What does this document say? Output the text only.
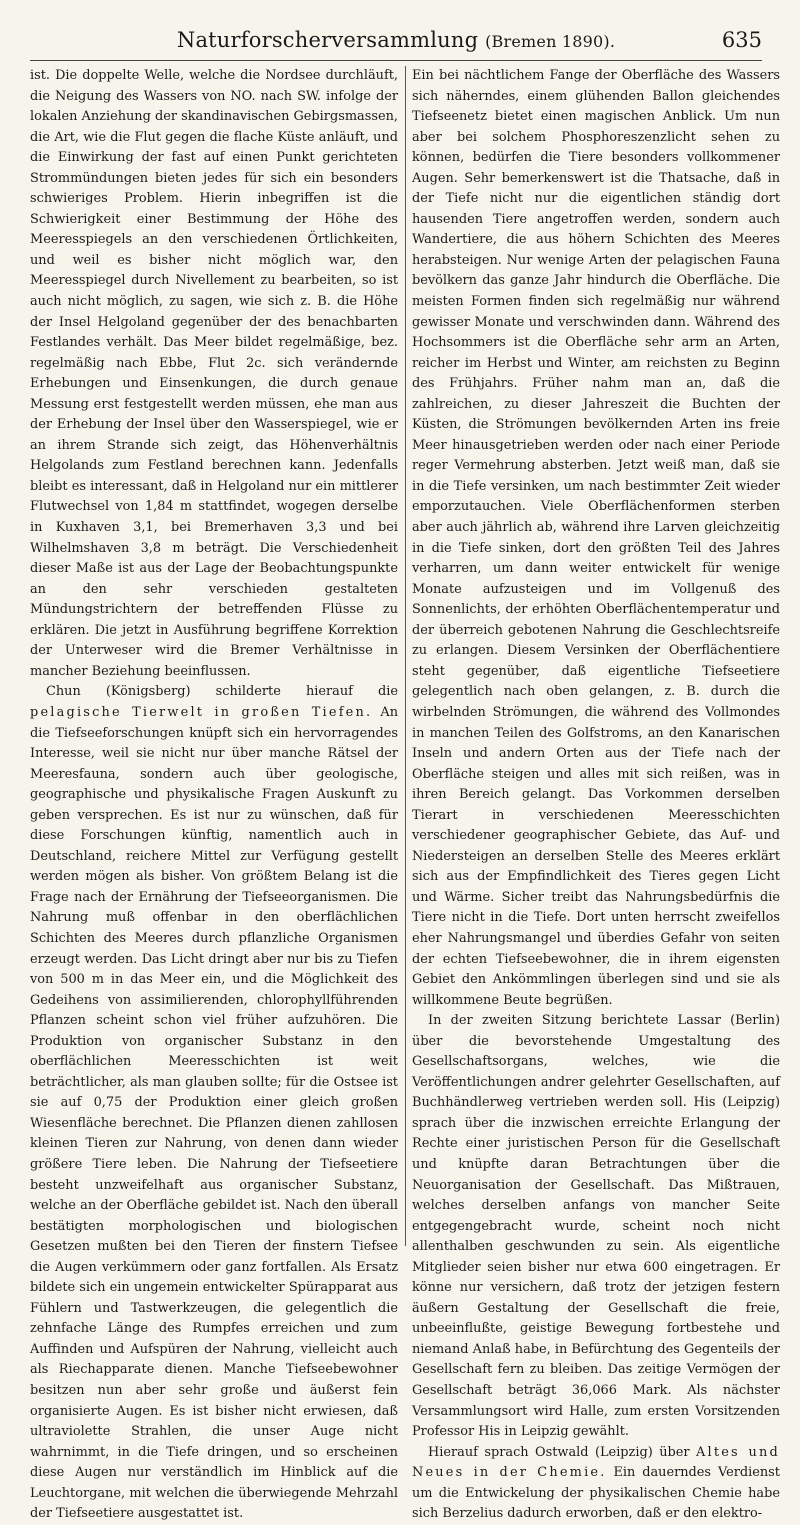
Naturforscherversammlung (Bremen 1890).	635

ist. Die doppelte Welle, welche die Nordsee durchläuft, die Neigung des Wassers von NO. nach SW. infolge der lokalen Anziehung der skandinavischen Gebirgsmassen, die Art, wie die Flut gegen die flache Küste anläuft, und die Einwirkung der fast auf einen Punkt gerichteten Strommündungen bieten jedes für sich ein besonders schwieriges Problem. Hierin inbegriffen ist die Schwierigkeit einer Bestimmung der Höhe des Meeresspiegels an den verschiedenen Örtlichkeiten, und weil es bisher nicht möglich war, den Meeresspiegel durch Nivellement zu bearbeiten, so ist auch nicht möglich, zu sagen, wie sich z. B. die Höhe der Insel Helgoland gegenüber der des benachbarten Festlandes verhält. Das Meer bildet regelmäßige, bez. regelmäßig nach Ebbe, Flut 2c. sich verändernde Erhebungen und Einsenkungen, die durch genaue Messung erst festgestellt werden müssen, ehe man aus der Erhebung der Insel über den Wasserspiegel, wie er an ihrem Strande sich zeigt, das Höhenverhältnis Helgolands zum Festland berechnen kann. Jedenfalls bleibt es interessant, daß in Helgoland nur ein mittlerer Flutwechsel von 1,84 m stattfindet, wogegen derselbe in Kuxhaven 3,1, bei Bremerhaven 3,3 und bei Wilhelmshaven 3,8 m beträgt. Die Verschiedenheit dieser Maße ist aus der Lage der Beobachtungspunkte an den sehr verschieden gestalteten Mündungstrichtern der betreffenden Flüsse zu erklären. Die jetzt in Ausführung begriffene Korrektion der Unterweser wird die Bremer Verhältnisse in mancher Beziehung beeinflussen.

Chun (Königsberg) schilderte hierauf die pelagische Tierwelt in großen Tiefen. An die Tiefseeforschungen knüpft sich ein hervorragendes Interesse, weil sie nicht nur über manche Rätsel der Meeresfauna, sondern auch über geologische, geographische und physikalische Fragen Auskunft zu geben versprechen. Es ist nur zu wünschen, daß für diese Forschungen künftig, namentlich auch in Deutschland, reichere Mittel zur Verfügung gestellt werden mögen als bisher. Von größtem Belang ist die Frage nach der Ernährung der Tiefseeorganismen. Die Nahrung muß offenbar in den oberflächlichen Schichten des Meeres durch pflanzliche Organismen erzeugt werden. Das Licht dringt aber nur bis zu Tiefen von 500 m in das Meer ein, und die Möglichkeit des Gedeihens von assimilierenden, chlorophyllführenden Pflanzen scheint schon viel früher aufzuhören. Die Produktion von organischer Substanz in den oberflächlichen Meeresschichten ist weit beträchtlicher, als man glauben sollte; für die Ostsee ist sie auf 0,75 der Produktion einer gleich großen Wiesenfläche berechnet. Die Pflanzen dienen zahllosen kleinen Tieren zur Nahrung, von denen dann wieder größere Tiere leben. Die Nahrung der Tiefseetiere besteht unzweifelhaft aus organischer Substanz, welche an der Oberfläche gebildet ist. Nach den überall bestätigten morphologischen und biologischen Gesetzen mußten bei den Tieren der finstern Tiefsee die Augen verkümmern oder ganz fortfallen. Als Ersatz bildete sich ein ungemein entwickelter Spürapparat aus Fühlern und Tastwerkzeugen, die gelegentlich die zehnfache Länge des Rumpfes erreichen und zum Auffinden und Aufspüren der Nahrung, vielleicht auch als Riechapparate dienen. Manche Tiefseebewohner besitzen nun aber sehr große und äußerst fein organisierte Augen. Es ist bisher nicht erwiesen, daß ultraviolette Strahlen, die unser Auge nicht wahrnimmt, in die Tiefe dringen, und so erscheinen diese Augen nur verständlich im Hinblick auf die Leuchtorgane, mit welchen die überwiegende Mehrzahl der Tiefseetiere ausgestattet ist.

Ein bei nächtlichem Fange der Oberfläche des Wassers sich näherndes, einem glühenden Ballon gleichendes Tiefseenetz bietet einen magischen Anblick. Um nun aber bei solchem Phosphoreszenzlicht sehen zu können, bedürfen die Tiere besonders vollkommener Augen. Sehr bemerkenswert ist die Thatsache, daß in der Tiefe nicht nur die eigentlichen ständig dort hausenden Tiere angetroffen werden, sondern auch Wandertiere, die aus höhern Schichten des Meeres herabsteigen. Nur wenige Arten der pelagischen Fauna bevölkern das ganze Jahr hindurch die Oberfläche. Die meisten Formen finden sich regelmäßig nur während gewisser Monate und verschwinden dann. Während des Hochsommers ist die Oberfläche sehr arm an Arten, reicher im Herbst und Winter, am reichsten zu Beginn des Frühjahrs. Früher nahm man an, daß die zahlreichen, zu dieser Jahreszeit die Buchten der Küsten, die Strömungen bevölkernden Arten ins freie Meer hinausgetrieben werden oder nach einer Periode reger Vermehrung absterben. Jetzt weiß man, daß sie in die Tiefe versinken, um nach bestimmter Zeit wieder emporzutauchen. Viele Oberflächenformen sterben aber auch jährlich ab, während ihre Larven gleichzeitig in die Tiefe sinken, dort den größten Teil des Jahres verharren, um dann weiter entwickelt für wenige Monate aufzusteigen und im Vollgenuß des Sonnenlichts, der erhöhten Oberflächentemperatur und der überreich gebotenen Nahrung die Geschlechtsreife zu erlangen. Diesem Versinken der Oberflächentiere steht gegenüber, daß eigentliche Tiefseetiere gelegentlich nach oben gelangen, z. B. durch die wirbelnden Strömungen, die während des Vollmondes in manchen Teilen des Golfstroms, an den Kanarischen Inseln und andern Orten aus der Tiefe nach der Oberfläche steigen und alles mit sich reißen, was in ihren Bereich gelangt. Das Vorkommen derselben Tierart in verschiedenen Meeresschichten verschiedener geographischer Gebiete, das Auf- und Niedersteigen an derselben Stelle des Meeres erklärt sich aus der Empfindlichkeit des Tieres gegen Licht und Wärme. Sicher treibt das Nahrungsbedürfnis die Tiere nicht in die Tiefe. Dort unten herrscht zweifellos eher Nahrungsmangel und überdies Gefahr von seiten der echten Tiefseebewohner, die in ihrem eigensten Gebiet den Ankömmlingen überlegen sind und sie als willkommene Beute begrüßen.

In der zweiten Sitzung berichtete Lassar (Berlin) über die bevorstehende Umgestaltung des Gesellschaftsorgans, welches, wie die Veröffentlichungen andrer gelehrter Gesellschaften, auf Buchhändlerweg vertrieben werden soll. His (Leipzig) sprach über die inzwischen erreichte Erlangung der Rechte einer juristischen Person für die Gesellschaft und knüpfte daran Betrachtungen über die Neuorganisation der Gesellschaft. Das Mißtrauen, welches derselben anfangs von mancher Seite entgegengebracht wurde, scheint noch nicht allenthalben geschwunden zu sein. Als eigentliche Mitglieder seien bisher nur etwa 600 eingetragen. Er könne nur versichern, daß trotz der jetzigen festern äußern Gestaltung der Gesellschaft die freie, unbeeinflußte, geistige Bewegung fortbestehe und niemand Anlaß habe, in Befürchtung des Gegenteils der Gesellschaft fern zu bleiben. Das zeitige Vermögen der Gesellschaft beträgt 36,066 Mark. Als nächster Versammlungsort wird Halle, zum ersten Vorsitzenden Professor His in Leipzig gewählt.

Hierauf sprach Ostwald (Leipzig) über Altes und Neues in der Chemie. Ein dauerndes Verdienst um die Entwickelung der physikalischen Chemie habe sich Berzelius dadurch erworben, daß er den elektro-
